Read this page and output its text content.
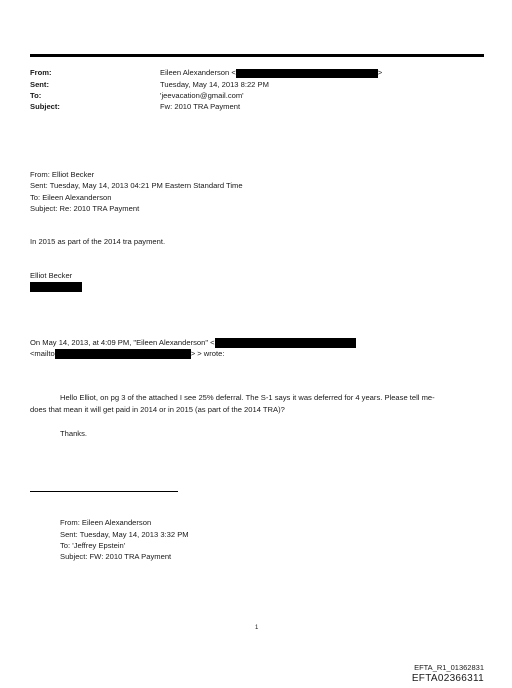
From:	Eileen Alexanderson <	>
Sent:	Tuesday, May 14, 2013 8:22 PM
To:	'jeevacation@gmail.com'
Subject:	Fw: 2010 TRA Payment
From: Elliot Becker
Sent: Tuesday, May 14, 2013 04:21 PM Eastern Standard Time
To: Eileen Alexanderson
Subject: Re: 2010 TRA Payment
In 2015 as part of the 2014 tra payment.
Elliot Becker
On May 14, 2013, at 4:09 PM, "Eileen Alexanderson" <
<mailto	> > wrote:
Hello Elliot, on pg 3 of the attached I see 25% deferral. The S-1 says it was deferred for 4 years. Please tell me-
does that mean it will get paid in 2014 or in 2015 (as part of the 2014 TRA)?
Thanks.
From: Eileen Alexanderson
Sent: Tuesday, May 14, 2013 3:32 PM
To: 'Jeffrey Epstein'
Subject: FW: 2010 TRA Payment
1
EFTA_R1_01362831
EFTA02366311
